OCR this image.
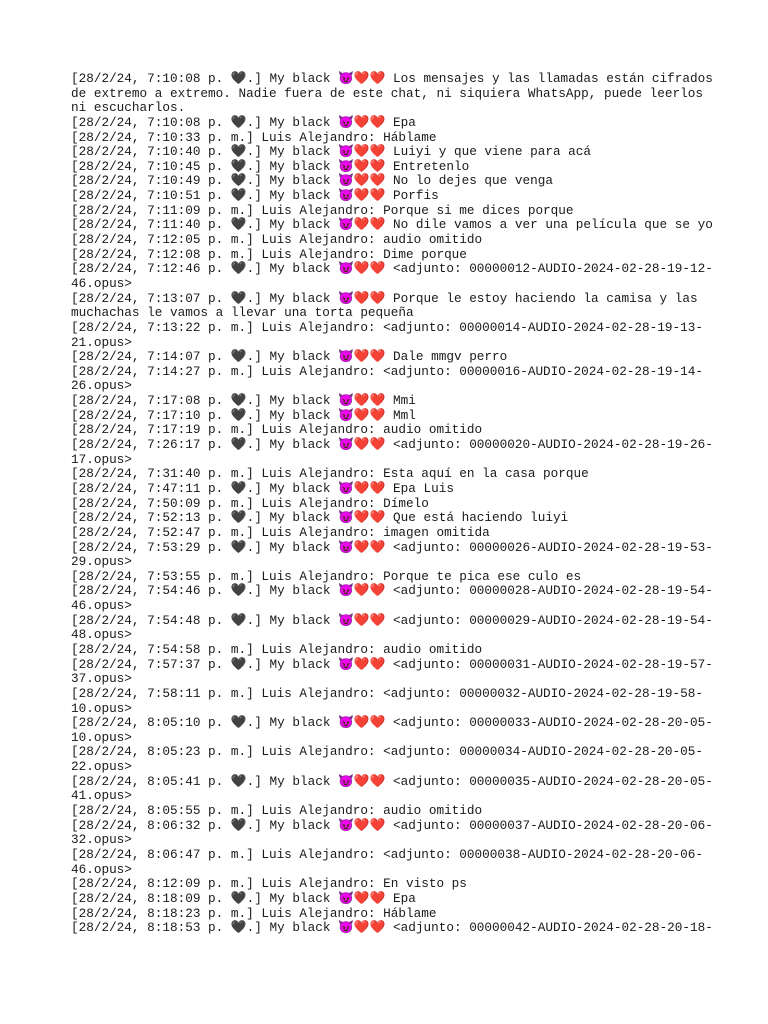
[28/2/24, 7:10:08 p. 🖤.] My black 😈❤️❤️ Los mensajes y las llamadas están cifrados
de extremo a extremo. Nadie fuera de este chat, ni siquiera WhatsApp, puede leerlos
ni escucharlos.
[28/2/24, 7:10:08 p. 🖤.] My black 😈❤️❤️ Epa
[28/2/24, 7:10:33 p. m.] Luis Alejandro: Háblame
[28/2/24, 7:10:40 p. 🖤.] My black 😈❤️❤️ Luiyi y que viene para acá
[28/2/24, 7:10:45 p. 🖤.] My black 😈❤️❤️ Entretenlo
[28/2/24, 7:10:49 p. 🖤.] My black 😈❤️❤️ No lo dejes que venga
[28/2/24, 7:10:51 p. 🖤.] My black 😈❤️❤️ Porfis
[28/2/24, 7:11:09 p. m.] Luis Alejandro: Porque si me dices porque
[28/2/24, 7:11:40 p. 🖤.] My black 😈❤️❤️ No dile vamos a ver una película que se yo
[28/2/24, 7:12:05 p. m.] Luis Alejandro: audio omitido
[28/2/24, 7:12:08 p. m.] Luis Alejandro: Dime porque
[28/2/24, 7:12:46 p. 🖤.] My black 😈❤️❤️ <adjunto: 00000012-AUDIO-2024-02-28-19-12-
46.opus>
[28/2/24, 7:13:07 p. 🖤.] My black 😈❤️❤️ Porque le estoy haciendo la camisa y las
muchachas le vamos a llevar una torta pequeña
[28/2/24, 7:13:22 p. m.] Luis Alejandro: <adjunto: 00000014-AUDIO-2024-02-28-19-13-
21.opus>
[28/2/24, 7:14:07 p. 🖤.] My black 😈❤️❤️ Dale mmgv perro
[28/2/24, 7:14:27 p. m.] Luis Alejandro: <adjunto: 00000016-AUDIO-2024-02-28-19-14-
26.opus>
[28/2/24, 7:17:08 p. 🖤.] My black 😈❤️❤️ Mmi
[28/2/24, 7:17:10 p. 🖤.] My black 😈❤️❤️ Mml
[28/2/24, 7:17:19 p. m.] Luis Alejandro: audio omitido
[28/2/24, 7:26:17 p. 🖤.] My black 😈❤️❤️ <adjunto: 00000020-AUDIO-2024-02-28-19-26-
17.opus>
[28/2/24, 7:31:40 p. m.] Luis Alejandro: Esta aquí en la casa porque
[28/2/24, 7:47:11 p. 🖤.] My black 😈❤️❤️ Epa Luis
[28/2/24, 7:50:09 p. m.] Luis Alejandro: Dímelo
[28/2/24, 7:52:13 p. 🖤.] My black 😈❤️❤️ Que está haciendo luiyi
[28/2/24, 7:52:47 p. m.] Luis Alejandro: imagen omitida
[28/2/24, 7:53:29 p. 🖤.] My black 😈❤️❤️ <adjunto: 00000026-AUDIO-2024-02-28-19-53-
29.opus>
[28/2/24, 7:53:55 p. m.] Luis Alejandro: Porque te pica ese culo es
[28/2/24, 7:54:46 p. 🖤.] My black 😈❤️❤️ <adjunto: 00000028-AUDIO-2024-02-28-19-54-
46.opus>
[28/2/24, 7:54:48 p. 🖤.] My black 😈❤️❤️ <adjunto: 00000029-AUDIO-2024-02-28-19-54-
48.opus>
[28/2/24, 7:54:58 p. m.] Luis Alejandro: audio omitido
[28/2/24, 7:57:37 p. 🖤.] My black 😈❤️❤️ <adjunto: 00000031-AUDIO-2024-02-28-19-57-
37.opus>
[28/2/24, 7:58:11 p. m.] Luis Alejandro: <adjunto: 00000032-AUDIO-2024-02-28-19-58-
10.opus>
[28/2/24, 8:05:10 p. 🖤.] My black 😈❤️❤️ <adjunto: 00000033-AUDIO-2024-02-28-20-05-
10.opus>
[28/2/24, 8:05:23 p. m.] Luis Alejandro: <adjunto: 00000034-AUDIO-2024-02-28-20-05-
22.opus>
[28/2/24, 8:05:41 p. 🖤.] My black 😈❤️❤️ <adjunto: 00000035-AUDIO-2024-02-28-20-05-
41.opus>
[28/2/24, 8:05:55 p. m.] Luis Alejandro: audio omitido
[28/2/24, 8:06:32 p. 🖤.] My black 😈❤️❤️ <adjunto: 00000037-AUDIO-2024-02-28-20-06-
32.opus>
[28/2/24, 8:06:47 p. m.] Luis Alejandro: <adjunto: 00000038-AUDIO-2024-02-28-20-06-
46.opus>
[28/2/24, 8:12:09 p. m.] Luis Alejandro: En visto ps
[28/2/24, 8:18:09 p. 🖤.] My black 😈❤️❤️ Epa
[28/2/24, 8:18:23 p. m.] Luis Alejandro: Háblame
[28/2/24, 8:18:53 p. 🖤.] My black 😈❤️❤️ <adjunto: 00000042-AUDIO-2024-02-28-20-18-
